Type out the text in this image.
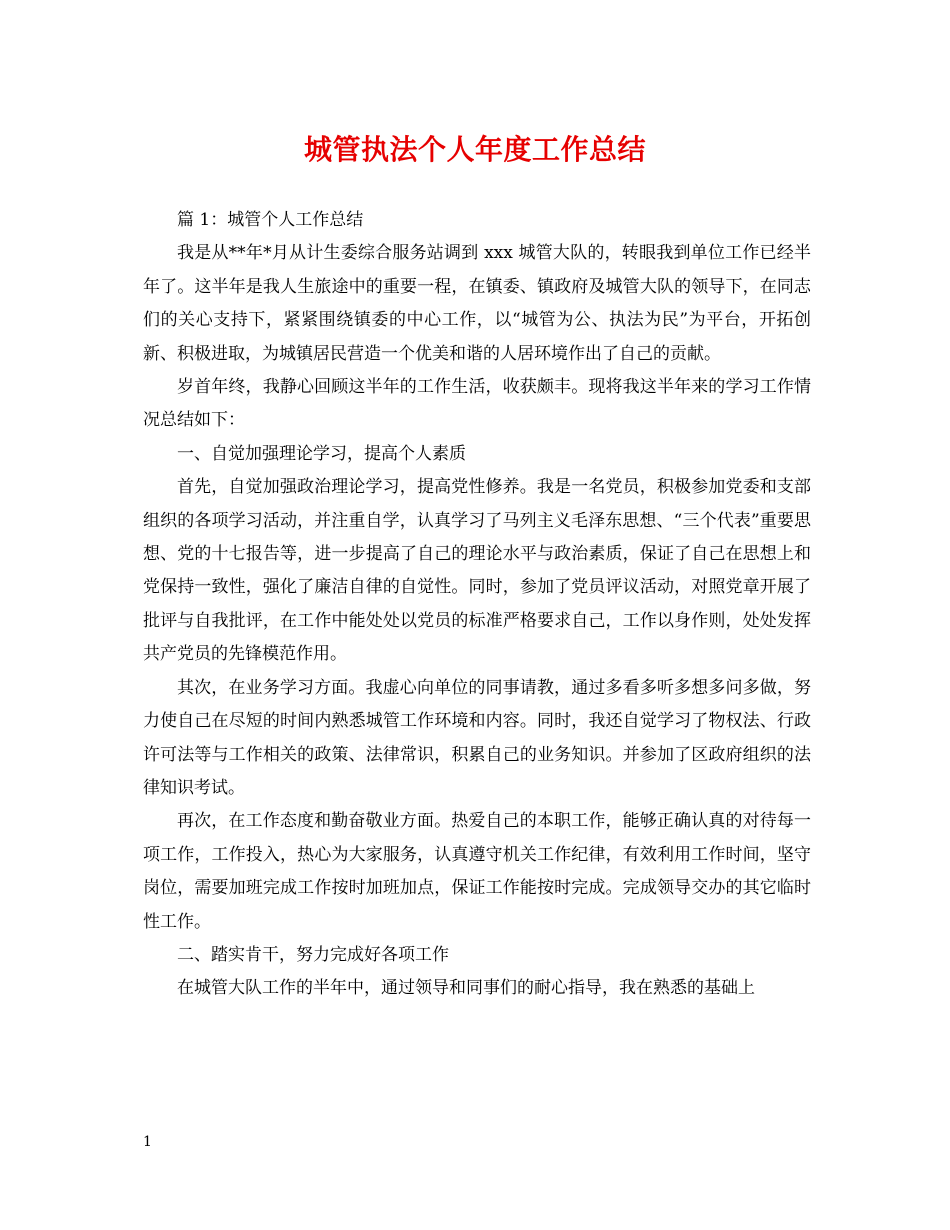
城管执法个人年度工作总结

篇 1：城管个人工作总结

我是从**年*月从计生委综合服务站调到 xxx 城管大队的，转眼我到单位工作已经半年了。这半年是我人生旅途中的重要一程，在镇委、镇政府及城管大队的领导下，在同志们的关心支持下，紧紧围绕镇委的中心工作，以“城管为公、执法为民”为平台，开拓创新、积极进取，为城镇居民营造一个优美和谐的人居环境作出了自己的贡献。

岁首年终，我静心回顾这半年的工作生活，收获颇丰。现将我这半年来的学习工作情况总结如下：

一、自觉加强理论学习，提高个人素质

首先，自觉加强政治理论学习，提高党性修养。我是一名党员，积极参加党委和支部组织的各项学习活动，并注重自学，认真学习了马列主义毛泽东思想、“三个代表”重要思想、党的十七报告等，进一步提高了自己的理论水平与政治素质，保证了自己在思想上和党保持一致性，强化了廉洁自律的自觉性。同时，参加了党员评议活动，对照党章开展了批评与自我批评，在工作中能处处以党员的标准严格要求自己，工作以身作则，处处发挥共产党员的先锋模范作用。

其次，在业务学习方面。我虚心向单位的同事请教，通过多看多听多想多问多做，努力使自己在尽短的时间内熟悉城管工作环境和内容。同时，我还自觉学习了物权法、行政许可法等与工作相关的政策、法律常识，积累自己的业务知识。并参加了区政府组织的法律知识考试。

再次，在工作态度和勤奋敬业方面。热爱自己的本职工作，能够正确认真的对待每一项工作，工作投入，热心为大家服务，认真遵守机关工作纪律，有效利用工作时间，坚守岗位，需要加班完成工作按时加班加点，保证工作能按时完成。完成领导交办的其它临时性工作。

二、踏实肯干，努力完成好各项工作

在城管大队工作的半年中，通过领导和同事们的耐心指导，我在熟悉的基础上

1
